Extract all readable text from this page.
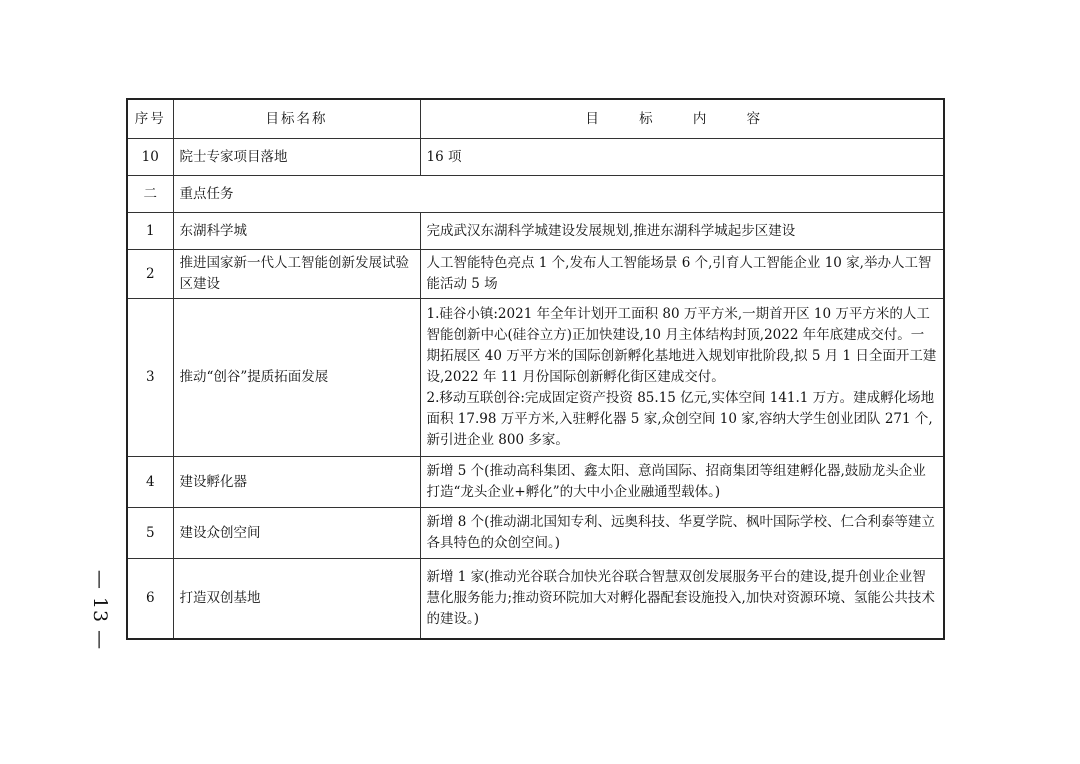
序号	目标名称	目 标 内 容
10	院士专家项目落地	16 项
二	重点任务	
1	东湖科学城	完成武汉东湖科学城建设发展规划,推进东湖科学城起步区建设
2	推进国家新一代人工智能创新发展试验区建设	人工智能特色亮点 1 个,发布人工智能场景 6 个,引育人工智能企业 10 家,举办人工智能活动 5 场
3	推动“创谷”提质拓面发展	1.硅谷小镇:2021 年全年计划开工面积 80 万平方米,一期首开区 10 万平方米的人工智能创新中心(硅谷立方)正加快建设,10 月主体结构封顶,2022 年年底建成交付。一期拓展区 40 万平方米的国际创新孵化基地进入规划审批阶段,拟 5 月 1 日全面开工建设,2022 年 11 月份国际创新孵化街区建成交付。
2.移动互联创谷:完成固定资产投资 85.15 亿元,实体空间 141.1 万方。建成孵化场地面积 17.98 万平方米,入驻孵化器 5 家,众创空间 10 家,容纳大学生创业团队 271 个,新引进企业 800 多家。

4	建设孵化器	新增 5 个(推动高科集团、鑫太阳、意尚国际、招商集团等组建孵化器,鼓励龙头企业打造“龙头企业+孵化”的大中小企业融通型载体。)
5	建设众创空间	新增 8 个(推动湖北国知专利、远奥科技、华夏学院、枫叶国际学校、仁合利泰等建立各具特色的众创空间。)
6	打造双创基地	新增 1 家(推动光谷联合加快光谷联合智慧双创发展服务平台的建设,提升创业企业智慧化服务能力;推动资环院加大对孵化器配套设施投入,加快对资源环境、氢能公共技术的建设。)
— 13 —
